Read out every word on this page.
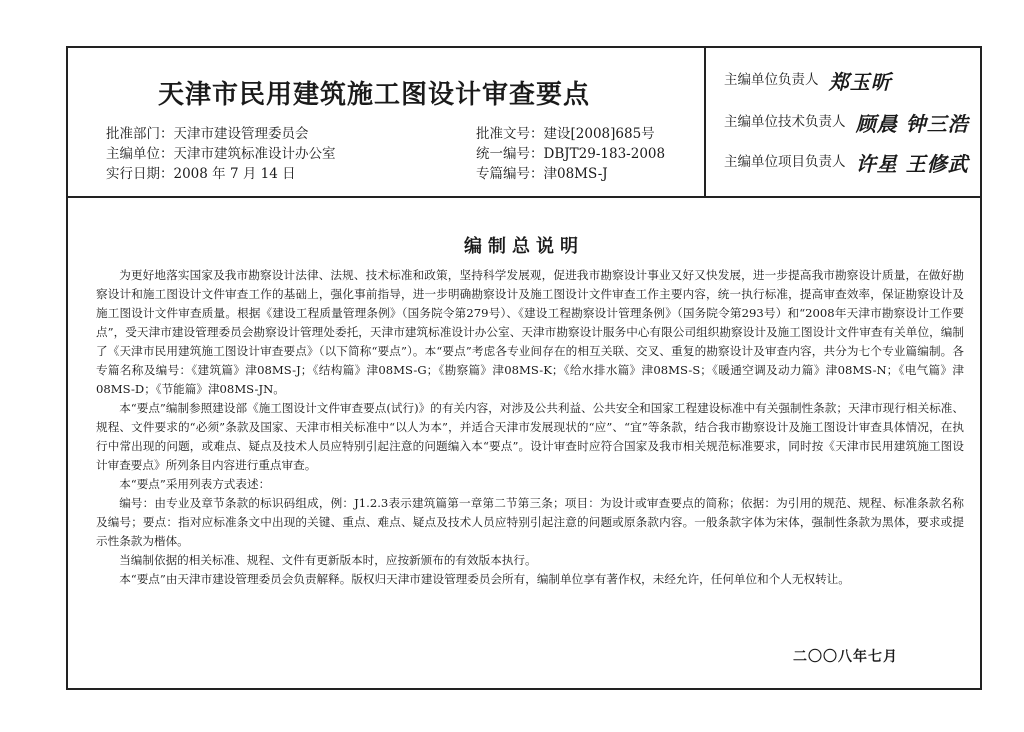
天津市民用建筑施工图设计审查要点
批准部门：天津市建设管理委员会
主编单位：天津市建筑标准设计办公室
实行日期：2008 年 7 月 14 日
批准文号：建设[2008]685号
统一编号：DBJT29-183-2008
专篇编号：津08MS-J
主编单位负责人 郑玉昕
主编单位技术负责人 顾晨 钟三浩
主编单位项目负责人 许星 王修武
编制总说明

为更好地落实国家及我市勘察设计法律、法规、技术标准和政策，坚持科学发展观，促进我市勘察设计事业又好又快发展，进一步提高我市勘察设计质量，在做好勘察设计和施工图设计文件审查工作的基础上，强化事前指导，进一步明确勘察设计及施工图设计文件审查工作主要内容，统一执行标准，提高审查效率，保证勘察设计及施工图设计文件审查质量。根据《建设工程质量管理条例》（国务院令第279号）、《建设工程勘察设计管理条例》（国务院令第293号）和“2008年天津市勘察设计工作要点”，受天津市建设管理委员会勘察设计管理处委托，天津市建筑标准设计办公室、天津市勘察设计服务中心有限公司组织勘察设计及施工图设计文件审查有关单位，编制了《天津市民用建筑施工图设计审查要点》（以下简称“要点”）。本“要点”考虑各专业间存在的相互关联、交叉、重复的勘察设计及审查内容，共分为七个专业篇编制。各专篇名称及编号：《建筑篇》津08MS-J；《结构篇》津08MS-G；《勘察篇》津08MS-K；《给水排水篇》津08MS-S；《暖通空调及动力篇》津08MS-N；《电气篇》津08MS-D；《节能篇》津08MS-JN。

本“要点”编制参照建设部《施工图设计文件审查要点(试行)》的有关内容，对涉及公共利益、公共安全和国家工程建设标准中有关强制性条款；天津市现行相关标准、规程、文件要求的“必须”条款及国家、天津市相关标准中“以人为本”，并适合天津市发展现状的“应”、“宜”等条款，结合我市勘察设计及施工图设计审查具体情况，在执行中常出现的问题，或难点、疑点及技术人员应特别引起注意的问题编入本“要点”。设计审查时应符合国家及我市相关规范标准要求，同时按《天津市民用建筑施工图设计审查要点》所列条目内容进行重点审查。

本“要点”采用列表方式表述：

编号：由专业及章节条款的标识码组成，例：J1.2.3表示建筑篇第一章第二节第三条；项目：为设计或审查要点的简称；依据：为引用的规范、规程、标准条款名称及编号；要点：指对应标准条文中出现的关键、重点、难点、疑点及技术人员应特别引起注意的问题或原条款内容。一般条款字体为宋体，强制性条款为黑体，要求或提示性条款为楷体。

当编制依据的相关标准、规程、文件有更新版本时，应按新颁布的有效版本执行。

本“要点”由天津市建设管理委员会负责解释。版权归天津市建设管理委员会所有，编制单位享有著作权，未经允许，任何单位和个人无权转让。

二〇〇八年七月
